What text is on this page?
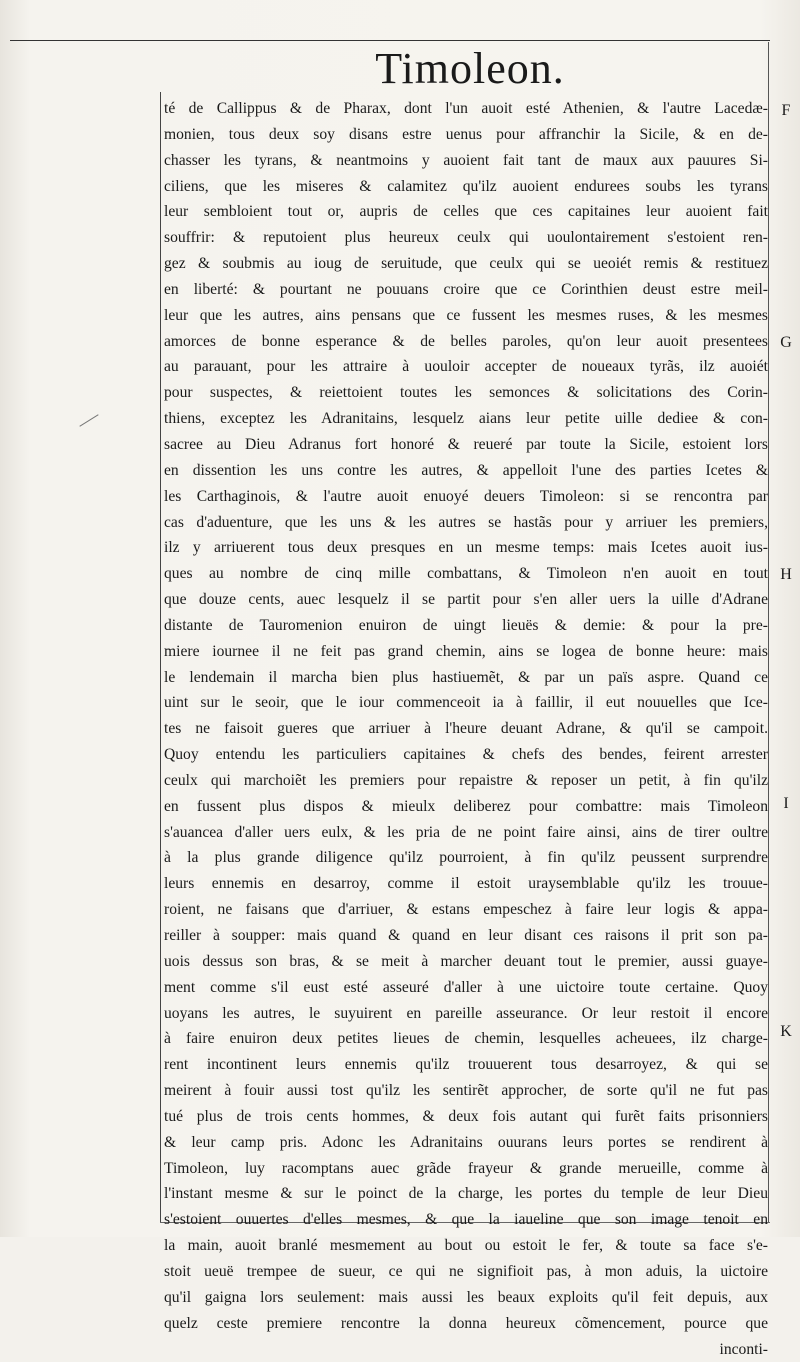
Timoleon.
té de Callippus & de Pharax, dont l'un auoit esté Athenien, & l'autre Lacedæ-
monien, tous deux soy disans estre uenus pour affranchir la Sicile, & en de-
chasser les tyrans, & neantmoins y auoient fait tant de maux aux pauures Si-
ciliens, que les miseres & calamitez qu'ilz auoient endurees soubs les tyrans
leur sembloient tout or, aupris de celles que ces capitaines leur auoient fait
souffrir: & reputoient plus heureux ceulx qui uoulontairement s'estoient ren-
gez & soubmis au ioug de seruitude, que ceulx qui se ueoiét remis & restituez
en liberté: & pourtant ne pouuans croire que ce Corinthien deust estre meil-
leur que les autres, ains pensans que ce fussent les mesmes ruses, & les mesmes
amorces de bonne esperance & de belles paroles, qu'on leur auoit presentees
au parauant, pour les attraire à uouloir accepter de noueaux tyrãs, ilz auoiét
pour suspectes, & reiettoient toutes les semonces & solicitations des Corin-
thiens, exceptez les Adranitains, lesquelz aians leur petite uille dediee & con-
sacree au Dieu Adranus fort honoré & reueré par toute la Sicile, estoient lors
en dissention les uns contre les autres, & appelloit l'une des parties Icetes &
les Carthaginois, & l'autre auoit enuoyé deuers Timoleon: si se rencontra par
cas d'aduenture, que les uns & les autres se hastãs pour y arriuer les premiers,
ilz y arriuerent tous deux presques en un mesme temps: mais Icetes auoit ius-
ques au nombre de cinq mille combattans, & Timoleon n'en auoit en tout
que douze cents, auec lesquelz il se partit pour s'en aller uers la uille d'Adrane
distante de Tauromenion enuiron de uingt lieuës & demie: & pour la pre-
miere iournee il ne feit pas grand chemin, ains se logea de bonne heure: mais
le lendemain il marcha bien plus hastiuemẽt, & par un païs aspre. Quand ce
uint sur le seoir, que le iour commenceoit ia à faillir, il eut nouuelles que Ice-
tes ne faisoit gueres que arriuer à l'heure deuant Adrane, & qu'il se campoit.
Quoy entendu les particuliers capitaines & chefs des bendes, feirent arrester
ceulx qui marchoiẽt les premiers pour repaistre & reposer un petit, à fin qu'ilz
en fussent plus dispos & mieulx deliberez pour combattre: mais Timoleon
s'auancea d'aller uers eulx, & les pria de ne point faire ainsi, ains de tirer oultre
à la plus grande diligence qu'ilz pourroient, à fin qu'ilz peussent surprendre
leurs ennemis en desarroy, comme il estoit uraysemblable qu'ilz les trouue-
roient, ne faisans que d'arriuer, & estans empeschez à faire leur logis & appa-
reiller à soupper: mais quand & quand en leur disant ces raisons il prit son pa-
uois dessus son bras, & se meit à marcher deuant tout le premier, aussi guaye-
ment comme s'il eust esté asseuré d'aller à une uictoire toute certaine. Quoy
uoyans les autres, le suyuirent en pareille asseurance. Or leur restoit il encore
à faire enuiron deux petites lieues de chemin, lesquelles acheuees, ilz charge-
rent incontinent leurs ennemis qu'ilz trouuerent tous desarroyez, & qui se
meirent à fouir aussi tost qu'ilz les sentirẽt approcher, de sorte qu'il ne fut pas
tué plus de trois cents hommes, & deux fois autant qui furẽt faits prisonniers
& leur camp pris. Adonc les Adranitains ouurans leurs portes se rendirent à
Timoleon, luy racomptans auec grãde frayeur & grande merueille, comme à
l'instant mesme & sur le poinct de la charge, les portes du temple de leur Dieu
s'estoient ouuertes d'elles mesmes, & que la iaueline que son image tenoit en
la main, auoit branlé mesmement au bout ou estoit le fer, & toute sa face s'e-
stoit ueuë trempee de sueur, ce qui ne signifioit pas, à mon aduis, la uictoire
qu'il gaigna lors seulement: mais aussi les beaux exploits qu'il feit depuis, aux
quelz ceste premiere rencontre la donna heureux cõmencement, pource que
inconti-
F
G
H
I
K
